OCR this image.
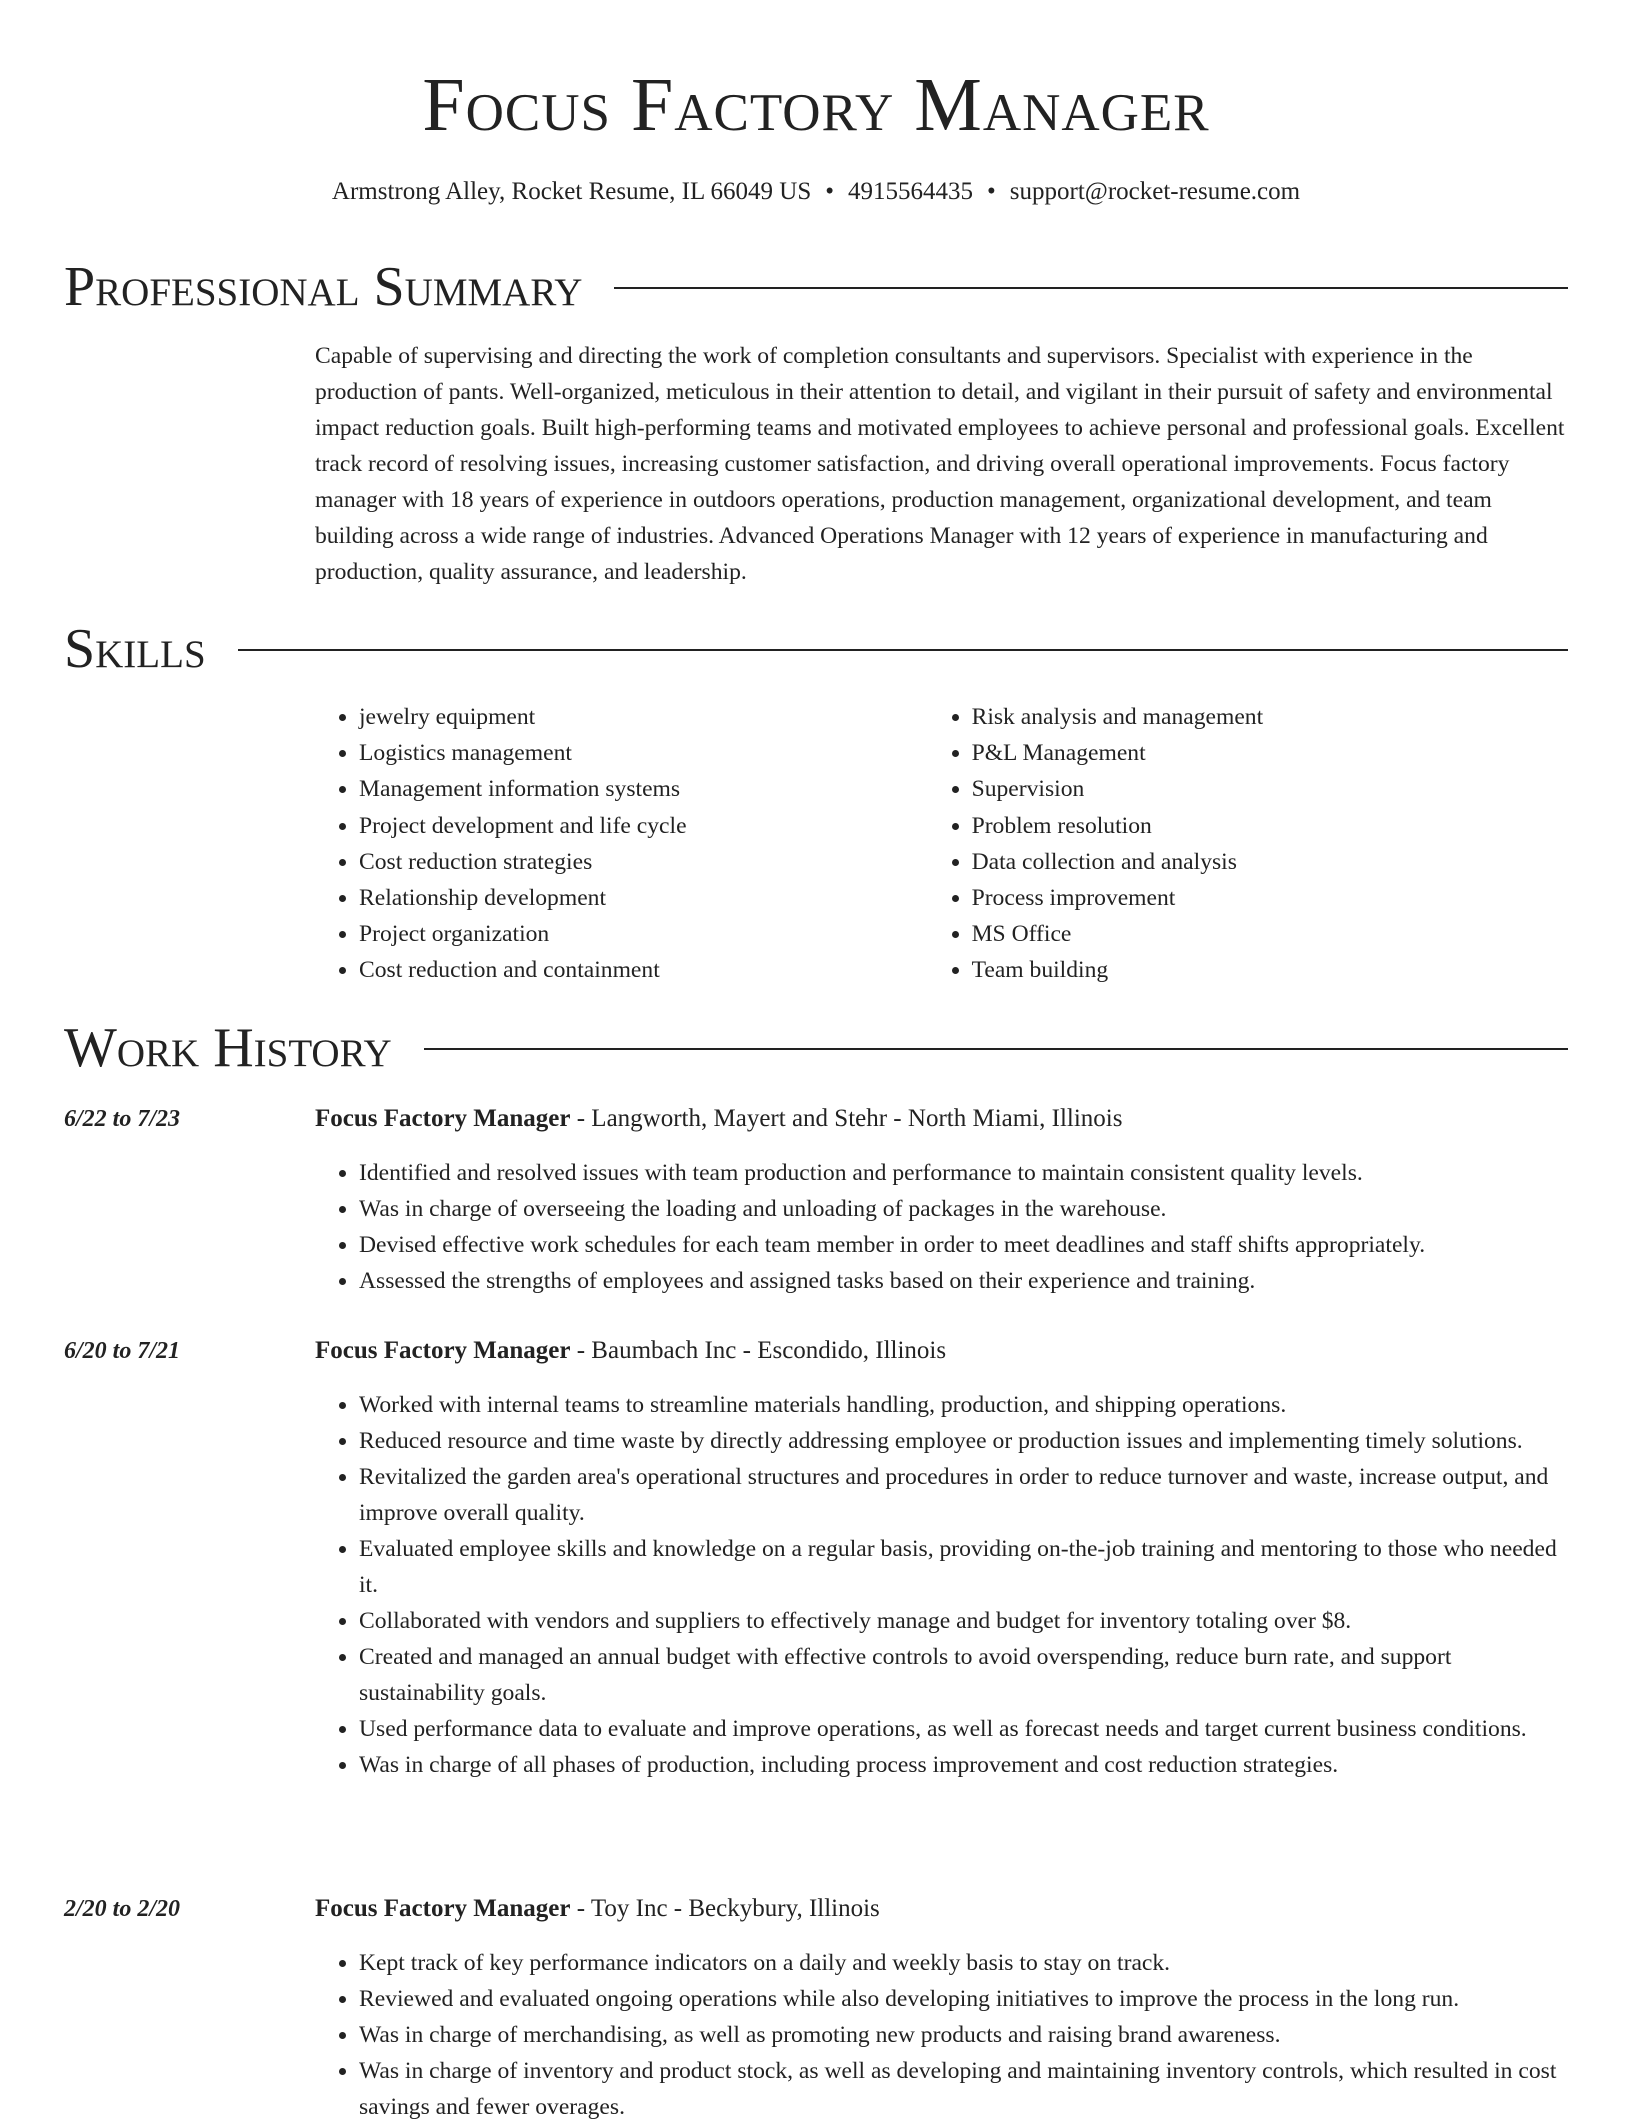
Focus Factory Manager
Armstrong Alley, Rocket Resume, IL 66049 US • 4915564435 • support@rocket-resume.com
Professional Summary

Capable of supervising and directing the work of completion consultants and supervisors. Specialist with experience in the production of pants. Well-organized, meticulous in their attention to detail, and vigilant in their pursuit of safety and environmental impact reduction goals. Built high-performing teams and motivated employees to achieve personal and professional goals. Excellent track record of resolving issues, increasing customer satisfaction, and driving overall operational improvements. Focus factory manager with 18 years of experience in outdoors operations, production management, organizational development, and team building across a wide range of industries. Advanced Operations Manager with 12 years of experience in manufacturing and production, quality assurance, and leadership.

Skills
• jewelry equipment
• Logistics management
• Management information systems
• Project development and life cycle
• Cost reduction strategies
• Relationship development
• Project organization
• Cost reduction and containment
• Risk analysis and management
• P&L Management
• Supervision
• Problem resolution
• Data collection and analysis
• Process improvement
• MS Office
• Team building
Work History
6/22 to 7/23	Focus Factory Manager - Langworth, Mayert and Stehr - North Miami, Illinois
• Identified and resolved issues with team production and performance to maintain consistent quality levels.
• Was in charge of overseeing the loading and unloading of packages in the warehouse.
• Devised effective work schedules for each team member in order to meet deadlines and staff shifts appropriately.
• Assessed the strengths of employees and assigned tasks based on their experience and training.
6/20 to 7/21	Focus Factory Manager - Baumbach Inc - Escondido, Illinois
• Worked with internal teams to streamline materials handling, production, and shipping operations.
• Reduced resource and time waste by directly addressing employee or production issues and implementing timely solutions.
• Revitalized the garden area's operational structures and procedures in order to reduce turnover and waste, increase output, and improve overall quality.
• Evaluated employee skills and knowledge on a regular basis, providing on-the-job training and mentoring to those who needed it.
• Collaborated with vendors and suppliers to effectively manage and budget for inventory totaling over $8.
• Created and managed an annual budget with effective controls to avoid overspending, reduce burn rate, and support sustainability goals.
• Used performance data to evaluate and improve operations, as well as forecast needs and target current business conditions.
• Was in charge of all phases of production, including process improvement and cost reduction strategies.
2/20 to 2/20	Focus Factory Manager - Toy Inc - Beckybury, Illinois
• Kept track of key performance indicators on a daily and weekly basis to stay on track.
• Reviewed and evaluated ongoing operations while also developing initiatives to improve the process in the long run.
• Was in charge of merchandising, as well as promoting new products and raising brand awareness.
• Was in charge of inventory and product stock, as well as developing and maintaining inventory controls, which resulted in cost savings and fewer overages.
